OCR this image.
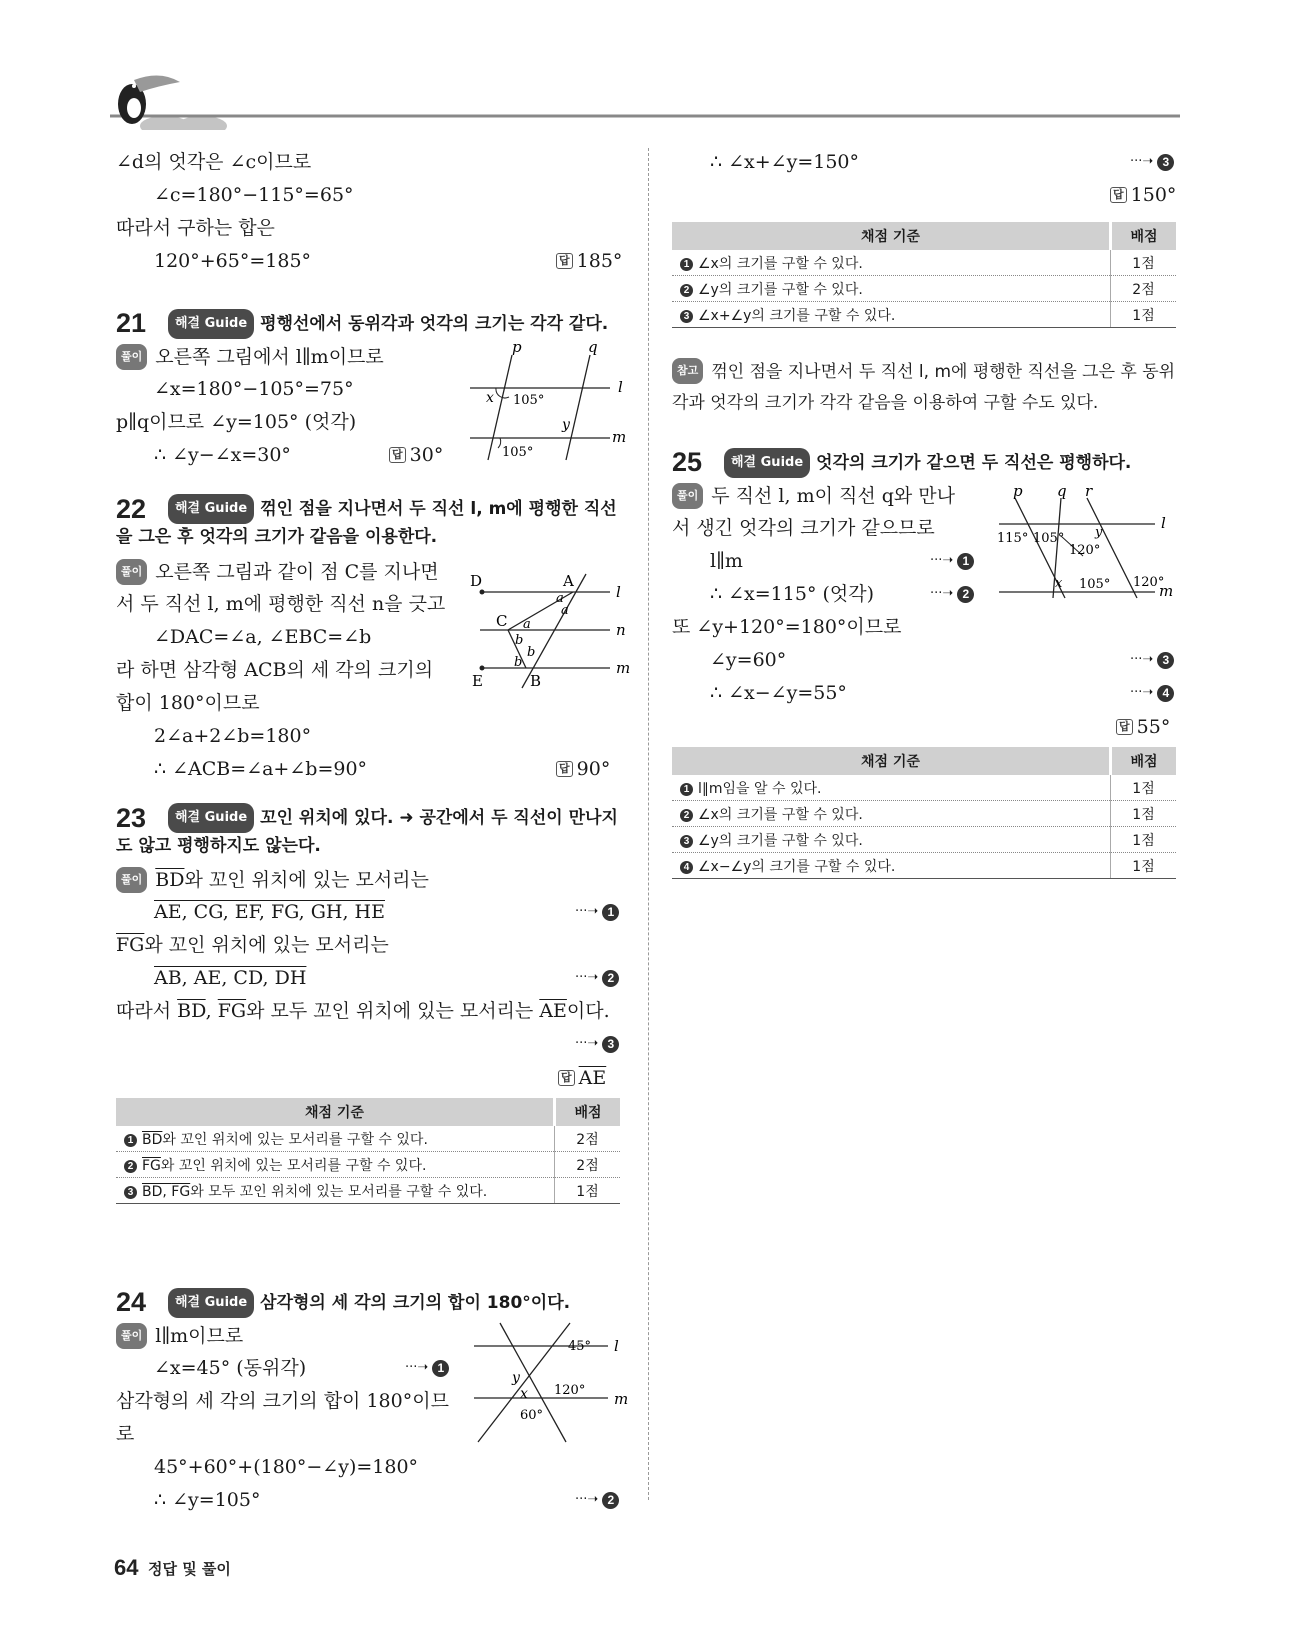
∠d의 엇각은 ∠c이므로
∠c=180°−115°=65°
따라서 구하는 합은
120°+65°=185°	답 185°
21	해결 Guide 평행선에서 동위각과 엇각의 크기는 각각 같다.
풀이 오른쪽 그림에서 l∥m이므로
∠x=180°−105°=75°
p∥q이므로 ∠y=105° (엇각)
∴ ∠y−∠x=30°	답 30°
p	q
l
m
x 105°
y
105°
22	해결 Guide 꺾인 점을 지나면서 두 직선 l, m에 평행한 직선
을 그은 후 엇각의 크기가 같음을 이용한다.
풀이 오른쪽 그림과 같이 점 C를 지나면
서 두 직선 l, m에 평행한 직선 n을 긋고
∠DAC=∠a, ∠EBC=∠b
라 하면 삼각형 ACB의 세 각의 크기의
합이 180°이므로
2∠a+2∠b=180°
∴ ∠ACB=∠a+∠b=90°	답 90°
D	A
C
E	B
l
n
m
a
a
a
b
b
b
23	해결 Guide 꼬인 위치에 있다. ➜ 공간에서 두 직선이 만나지
도 않고 평행하지도 않는다.
풀이 $\overline{BD}$와 꼬인 위치에 있는 모서리는
AE, CG, EF, FG, GH, HE	···➝ 1
$\overline{FG}$와 꼬인 위치에 있는 모서리는
AB, AE, CD, DH	···➝ 2
따라서 $\overline{BD}$, $\overline{FG}$와 모두 꼬인 위치에 있는 모서리는 $\overline{AE}$이다.
···➝ 3
답 $\overline{AE}$
채점 기준	배점
1 $\overline{BD}$와 꼬인 위치에 있는 모서리를 구할 수 있다.	2점
2 $\overline{FG}$와 꼬인 위치에 있는 모서리를 구할 수 있다.	2점
3 BD, $\overline{FG}$와 모두 꼬인 위치에 있는 모서리를 구할 수 있다.	1점
24	해결 Guide 삼각형의 세 각의 크기의 합이 180°이다.
풀이 l∥m이므로
∠x=45° (동위각)	···➝ 1
삼각형의 세 각의 크기의 합이 180°이므
로
45°+60°+(180°−∠y)=180°
∴ ∠y=105°	···➝ 2
45° l
m
y
x 120°
60°
∴ ∠x+∠y=150°	···➝ 3
답 150°
채점 기준	배점
1 ∠x의 크기를 구할 수 있다.	1점
2 ∠y의 크기를 구할 수 있다.	2점
3 ∠x+∠y의 크기를 구할 수 있다.	1점
참고 꺾인 점을 지나면서 두 직선 l, m에 평행한 직선을 그은 후 동위
각과 엇각의 크기가 각각 같음을 이용하여 구할 수도 있다.
25	해결 Guide 엇각의 크기가 같으면 두 직선은 평행하다.
풀이 두 직선 l, m이 직선 q와 만나
서 생긴 엇각의 크기가 같으므로
l∥m	···➝ 1
∴ ∠x=115° (엇각)	···➝ 2
또 ∠y+120°=180°이므로
∠y=60°	···➝ 3
∴ ∠x−∠y=55°	···➝ 4
답 55°
p q r
l
m
115° 105° y
120°
x 105° 120°
채점 기준	배점
1 l∥m임을 알 수 있다.	1점
2 ∠x의 크기를 구할 수 있다.	1점
3 ∠y의 크기를 구할 수 있다.	1점
4 ∠x−∠y의 크기를 구할 수 있다.	1점
64 정답 및 풀이
